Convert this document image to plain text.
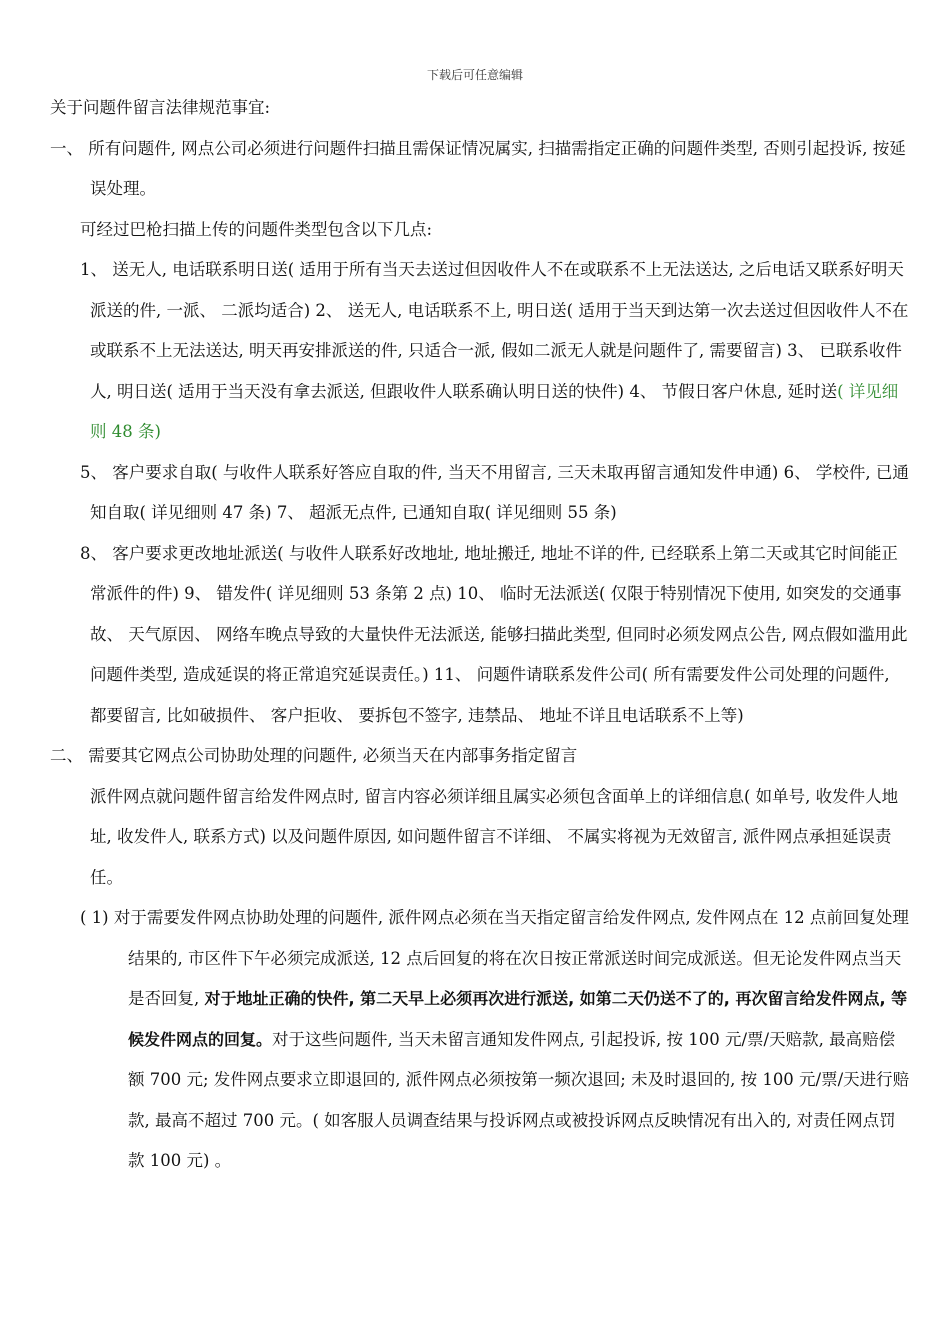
下载后可任意编辑

关于问题件留言法律规范事宜:

一、 所有问题件, 网点公司必须进行问题件扫描且需保证情况属实, 扫描需指定正确的问题件类型, 否则引起投诉, 按延误处理。

可经过巴枪扫描上传的问题件类型包含以下几点:

1、 送无人, 电话联系明日送( 适用于所有当天去送过但因收件人不在或联系不上无法送达, 之后电话又联系好明天派送的件, 一派、 二派均适合) 2、 送无人, 电话联系不上, 明日送( 适用于当天到达第一次去送过但因收件人不在或联系不上无法送达, 明天再安排派送的件, 只适合一派, 假如二派无人就是问题件了, 需要留言) 3、 已联系收件人, 明日送( 适用于当天没有拿去派送, 但跟收件人联系确认明日送的快件) 4、 节假日客户休息, 延时送( 详见细则 48 条)

5、 客户要求自取( 与收件人联系好答应自取的件, 当天不用留言, 三天未取再留言通知发件申通) 6、 学校件, 已通知自取( 详见细则 47 条) 7、 超派无点件, 已通知自取( 详见细则 55 条)

8、 客户要求更改地址派送( 与收件人联系好改地址, 地址搬迁, 地址不详的件, 已经联系上第二天或其它时间能正常派件的件) 9、 错发件( 详见细则 53 条第 2 点) 10、 临时无法派送( 仅限于特别情况下使用, 如突发的交通事故、 天气原因、 网络车晚点导致的大量快件无法派送, 能够扫描此类型, 但同时必须发网点公告, 网点假如滥用此问题件类型, 造成延误的将正常追究延误责任。) 11、 问题件请联系发件公司( 所有需要发件公司处理的问题件, 都要留言, 比如破损件、 客户拒收、 要拆包不签字, 违禁品、 地址不详且电话联系不上等)

二、 需要其它网点公司协助处理的问题件, 必须当天在内部事务指定留言

派件网点就问题件留言给发件网点时, 留言内容必须详细且属实必须包含面单上的详细信息( 如单号, 收发件人地址, 收发件人, 联系方式) 以及问题件原因, 如问题件留言不详细、 不属实将视为无效留言, 派件网点承担延误责任。

( 1) 对于需要发件网点协助处理的问题件, 派件网点必须在当天指定留言给发件网点, 发件网点在 12 点前回复处理结果的, 市区件下午必须完成派送, 12 点后回复的将在次日按正常派送时间完成派送。但无论发件网点当天是否回复, 对于地址正确的快件, 第二天早上必须再次进行派送, 如第二天仍送不了的, 再次留言给发件网点, 等候发件网点的回复。对于这些问题件, 当天未留言通知发件网点, 引起投诉, 按 100 元/票/天赔款, 最高赔偿额 700 元; 发件网点要求立即退回的, 派件网点必须按第一频次退回; 未及时退回的, 按 100 元/票/天进行赔款, 最高不超过 700 元。( 如客服人员调查结果与投诉网点或被投诉网点反映情况有出入的, 对责任网点罚款 100 元) 。
